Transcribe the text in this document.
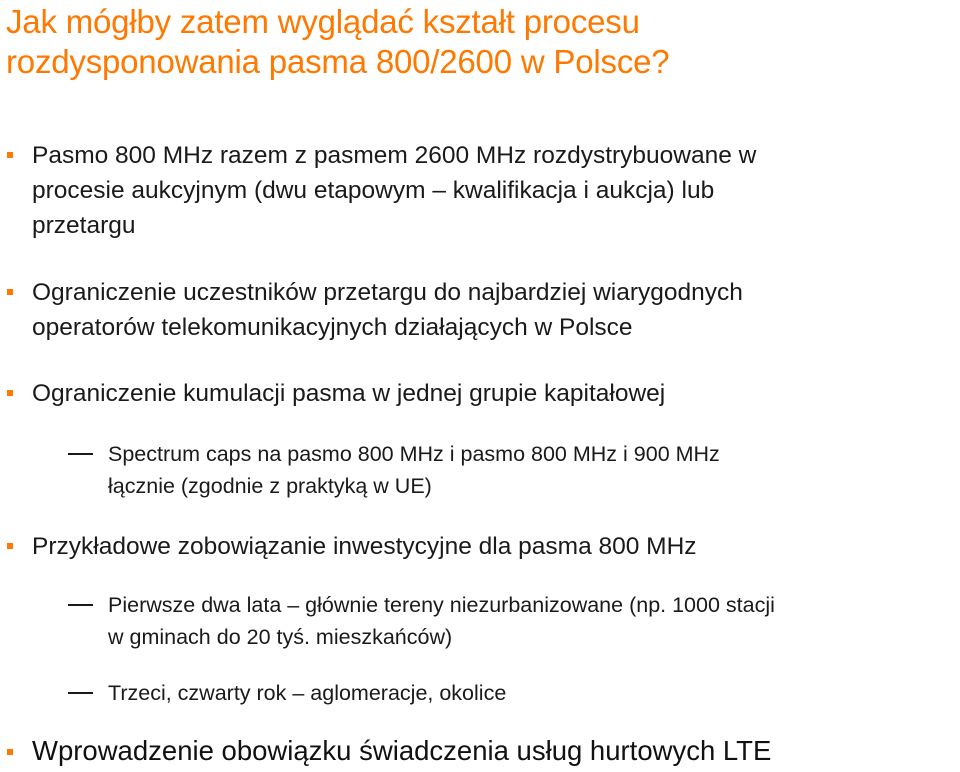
Jak mógłby zatem wyglądać kształt procesu
rozdysponowania pasma 800/2600 w Polsce?
Pasmo 800 MHz razem z pasmem 2600 MHz rozdystrybuowane w
procesie aukcyjnym (dwu etapowym – kwalifikacja i aukcja) lub
przetargu
Ograniczenie uczestników przetargu do najbardziej wiarygodnych
operatorów telekomunikacyjnych działających w Polsce
Ograniczenie kumulacji pasma w jednej grupie kapitałowej
Spectrum caps na pasmo 800 MHz i pasmo 800 MHz i 900 MHz
łącznie (zgodnie z praktyką w UE)
Przykładowe zobowiązanie inwestycyjne dla pasma 800 MHz
Pierwsze dwa lata – głównie tereny niezurbanizowane (np. 1000 stacji
w gminach do 20 tyś. mieszkańców)
Trzeci, czwarty rok – aglomeracje, okolice
Wprowadzenie obowiązku świadczenia usług hurtowych LTE
